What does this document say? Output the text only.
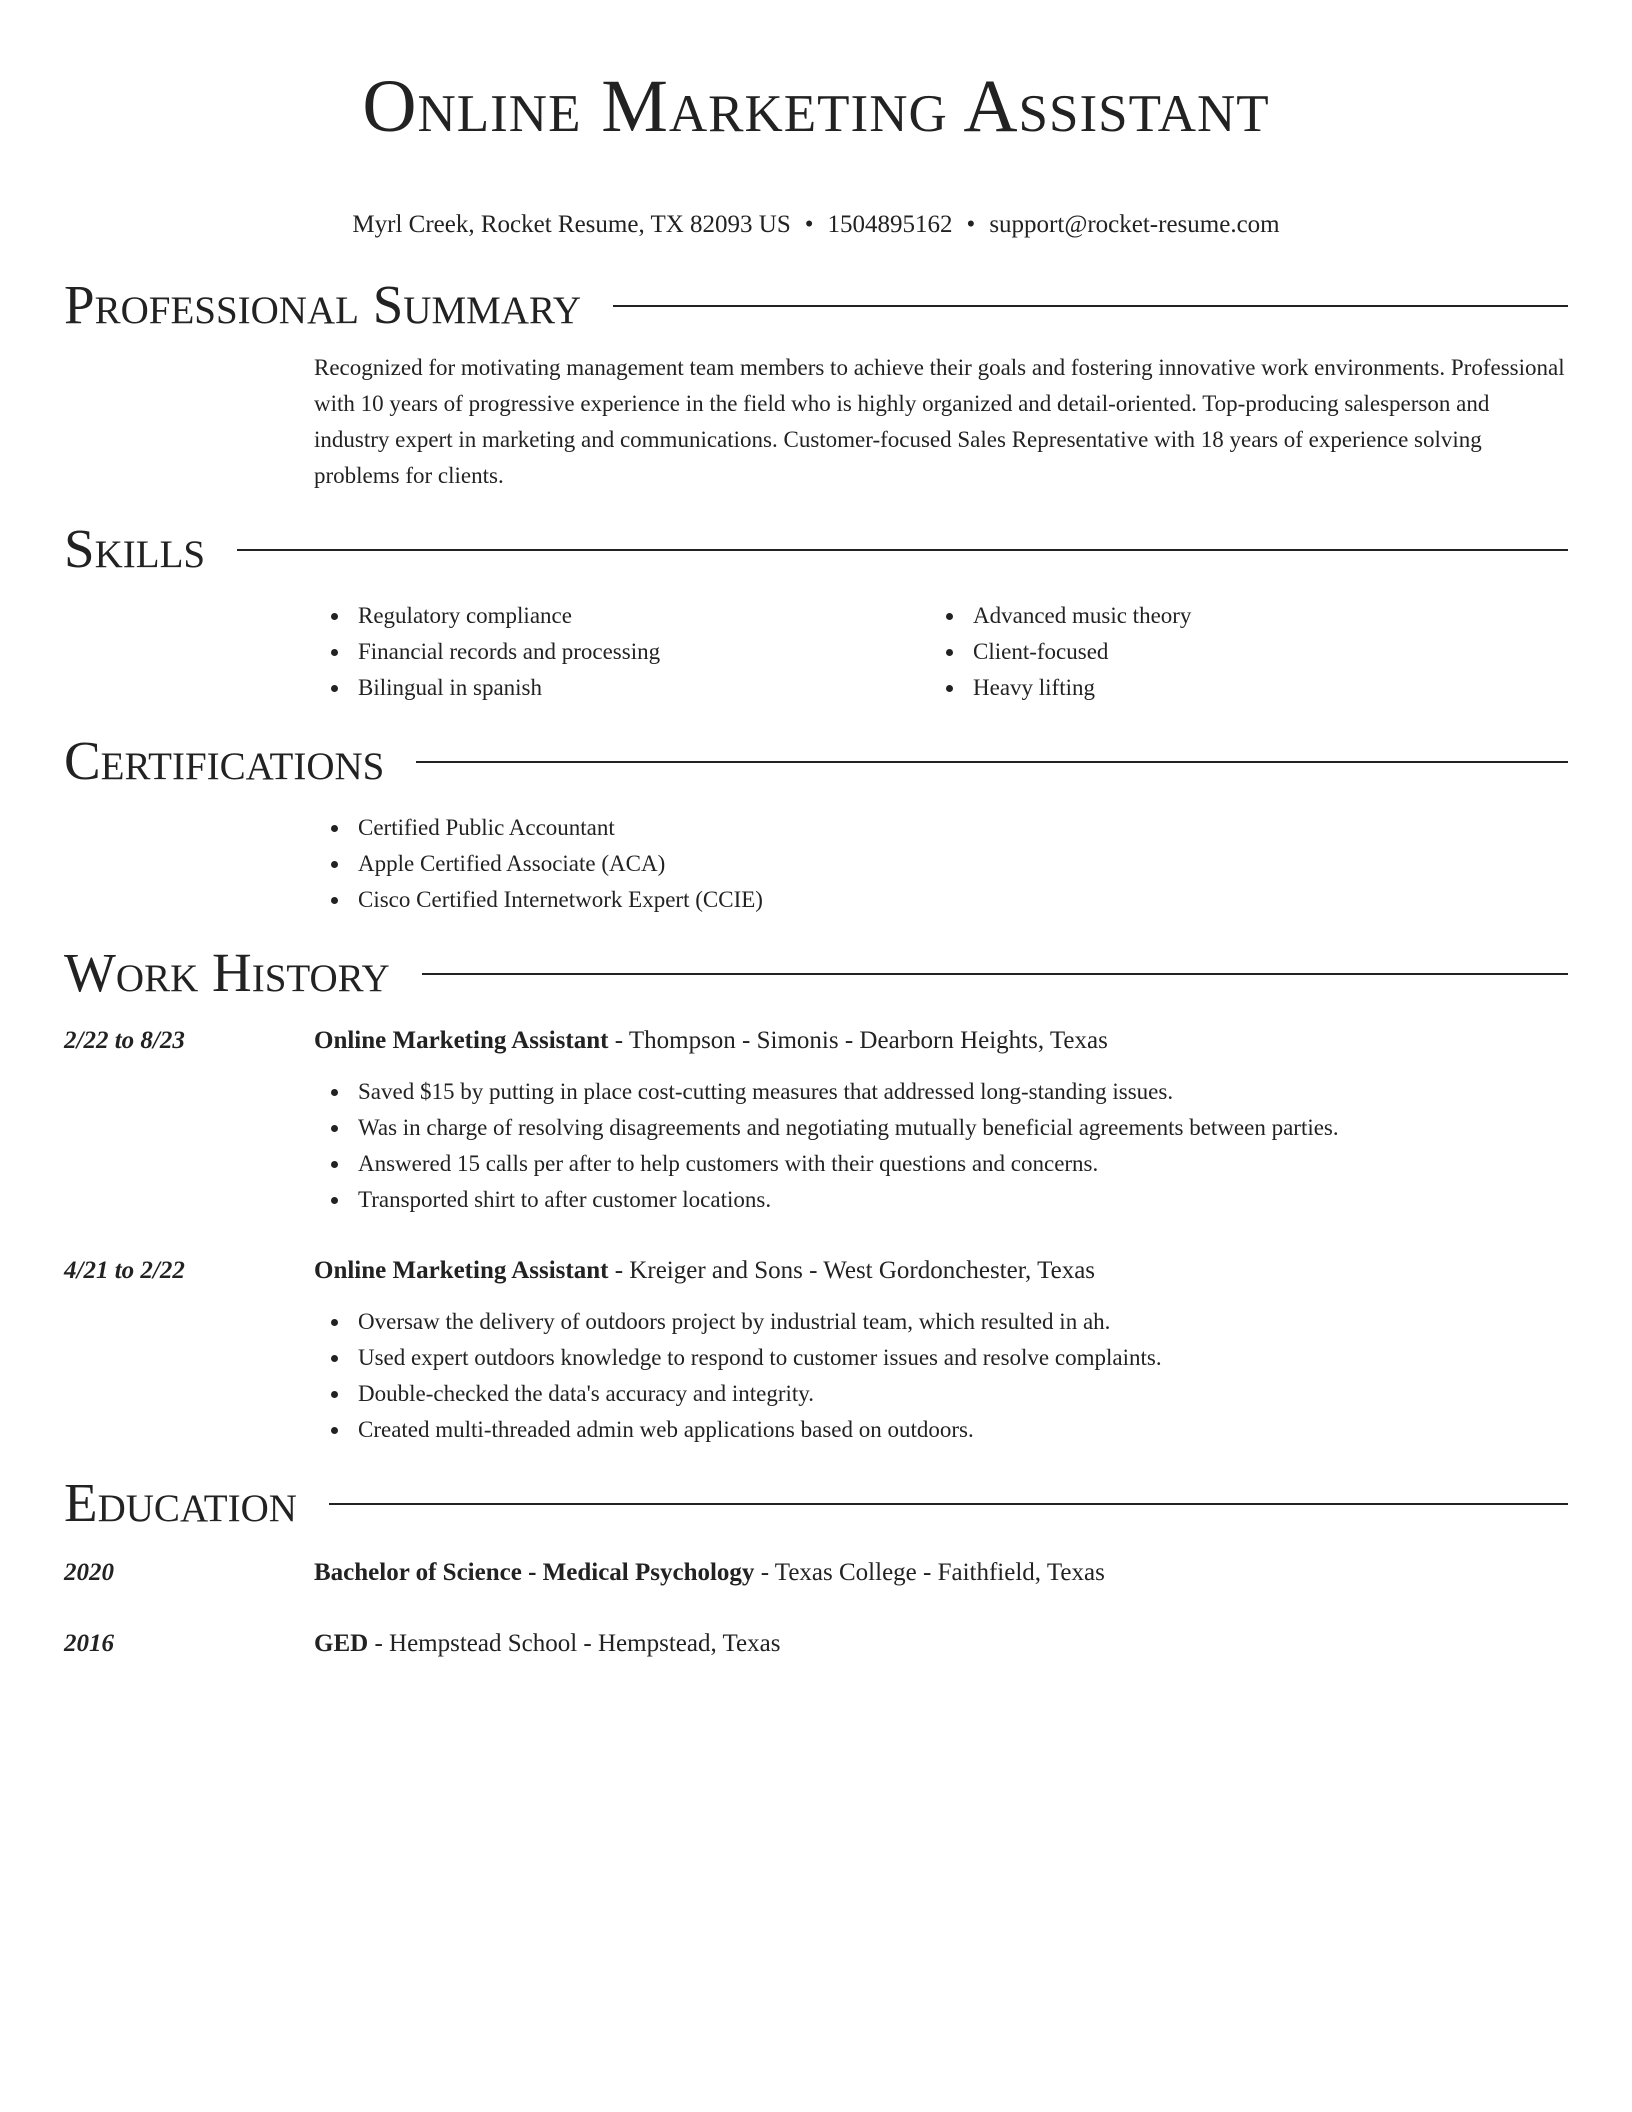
Online Marketing Assistant
Myrl Creek, Rocket Resume, TX 82093 US • 1504895162 • support@rocket-resume.com
Professional Summary

Recognized for motivating management team members to achieve their goals and fostering innovative work environments. Professional with 10 years of progressive experience in the field who is highly organized and detail-oriented. Top-producing salesperson and industry expert in marketing and communications. Customer-focused Sales Representative with 18 years of experience solving problems for clients.

Skills
Regulatory compliance
Financial records and processing
Bilingual in spanish
Advanced music theory
Client-focused
Heavy lifting
Certifications
Certified Public Accountant
Apple Certified Associate (ACA)
Cisco Certified Internetwork Expert (CCIE)
Work History
2/22 to 8/23	Online Marketing Assistant - Thompson - Simonis - Dearborn Heights, Texas
Saved $15 by putting in place cost-cutting measures that addressed long-standing issues.
Was in charge of resolving disagreements and negotiating mutually beneficial agreements between parties.
Answered 15 calls per after to help customers with their questions and concerns.
Transported shirt to after customer locations.
4/21 to 2/22	Online Marketing Assistant - Kreiger and Sons - West Gordonchester, Texas
Oversaw the delivery of outdoors project by industrial team, which resulted in ah.
Used expert outdoors knowledge to respond to customer issues and resolve complaints.
Double-checked the data's accuracy and integrity.
Created multi-threaded admin web applications based on outdoors.
Education
2020	Bachelor of Science - Medical Psychology - Texas College - Faithfield, Texas
2016	GED - Hempstead School - Hempstead, Texas
